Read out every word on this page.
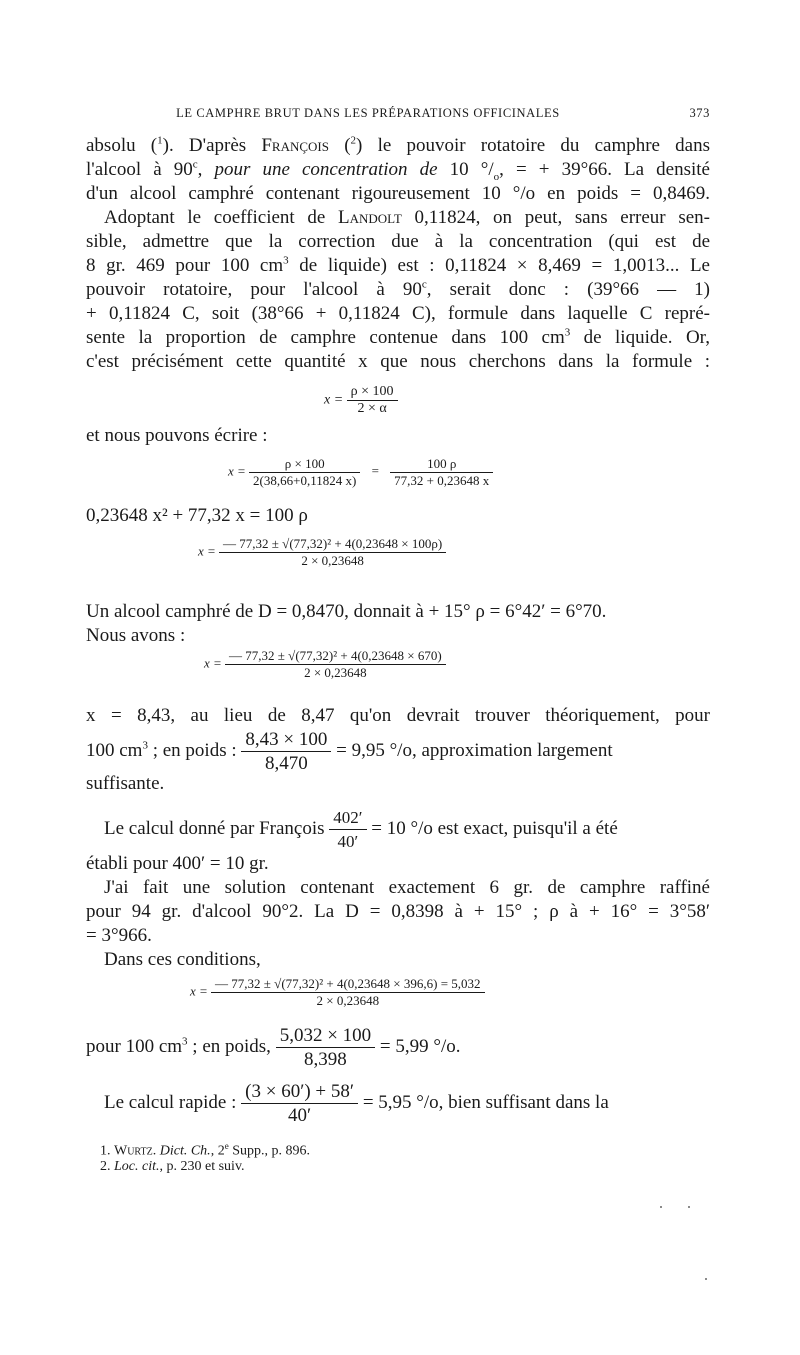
LE CAMPHRE BRUT DANS LES PRÉPARATIONS OFFICINALES	373
absolu ($^1$). D'après François ($^2$) le pouvoir rotatoire du camphre dans
l'alcool à 90$^c$, pour une concentration de 10 $^\circ/_o$, = + 39°66. La densité
d'un alcool camphré contenant rigoureusement 10 °/o en poids = 0,8469.
Adoptant le coefficient de Landolt 0,11824, on peut, sans erreur sen-
sible, admettre que la correction due à la concentration (qui est de
8 gr. 469 pour 100 $cm^3$ de liquide) est : 0,11824 × 8,469 = 1,0013... Le
pouvoir rotatoire, pour l'alcool à 90$^c$, serait donc : (39°66 — 1)
+ 0,11824 C, soit (38°66 + 0,11824 C), formule dans laquelle C repré-
sente la proportion de camphre contenue dans 100 $cm^3$ de liquide. Or,
c'est précisément cette quantité x que nous cherchons dans la formule :
$x = \frac{\rho \times 100}{2 \times \alpha}$
et nous pouvons écrire :
$x = \frac{\rho \times 100}{2(38,66+0,11824 x)} = \frac{100 \rho}{77,32 + 0,23648 x}$
0,23648 x² + 77,32 x = 100 ρ
$x = \frac{\text{— 77,32 ± √(77,32)² + 4(0,23648 × 100ρ)}}{2 \times 0,23648}$
Un alcool camphré de D = 0,8470, donnait à + 15° ρ = 6°42′ = 6°70.
Nous avons :
$x = \frac{\text{— 77,32 ± √(77,32)² + 4(0,23648 × 670)}}{2 \times 0,23648}$
x = 8,43, au lieu de 8,47 qu'on devrait trouver théoriquement, pour
100 $cm^3$ ; en poids : $\frac{8,43 \times 100}{8,470} = 9,95$ °/o, approximation largement
suffisante.
Le calcul donné par François $\frac{402'}{40'} = 10$ °/o est exact, puisqu'il a été
établi pour 400′ = 10 gr.
J'ai fait une solution contenant exactement 6 gr. de camphre raffiné
pour 94 gr. d'alcool 90°2. La D = 0,8398 à + 15° ; ρ à + 16° = 3°58′
= 3°966.
Dans ces conditions,
$x = \frac{\text{— 77,32 ± √(77,32)² + 4(0,23648 × 396,6) = 5,032}}{2 \times 0,23648}$
pour 100 $cm^3$ ; en poids, $\frac{5,032 \times 100}{8,398} = 5,99$ °/o.
Le calcul rapide : $\frac{(3 \times 60') + 58'}{40'} = 5,95$ °/o, bien suffisant dans la
1. Wurtz. Dict. Ch., 2e Supp., p. 896.
2. Loc. cit., p. 230 et suiv.
